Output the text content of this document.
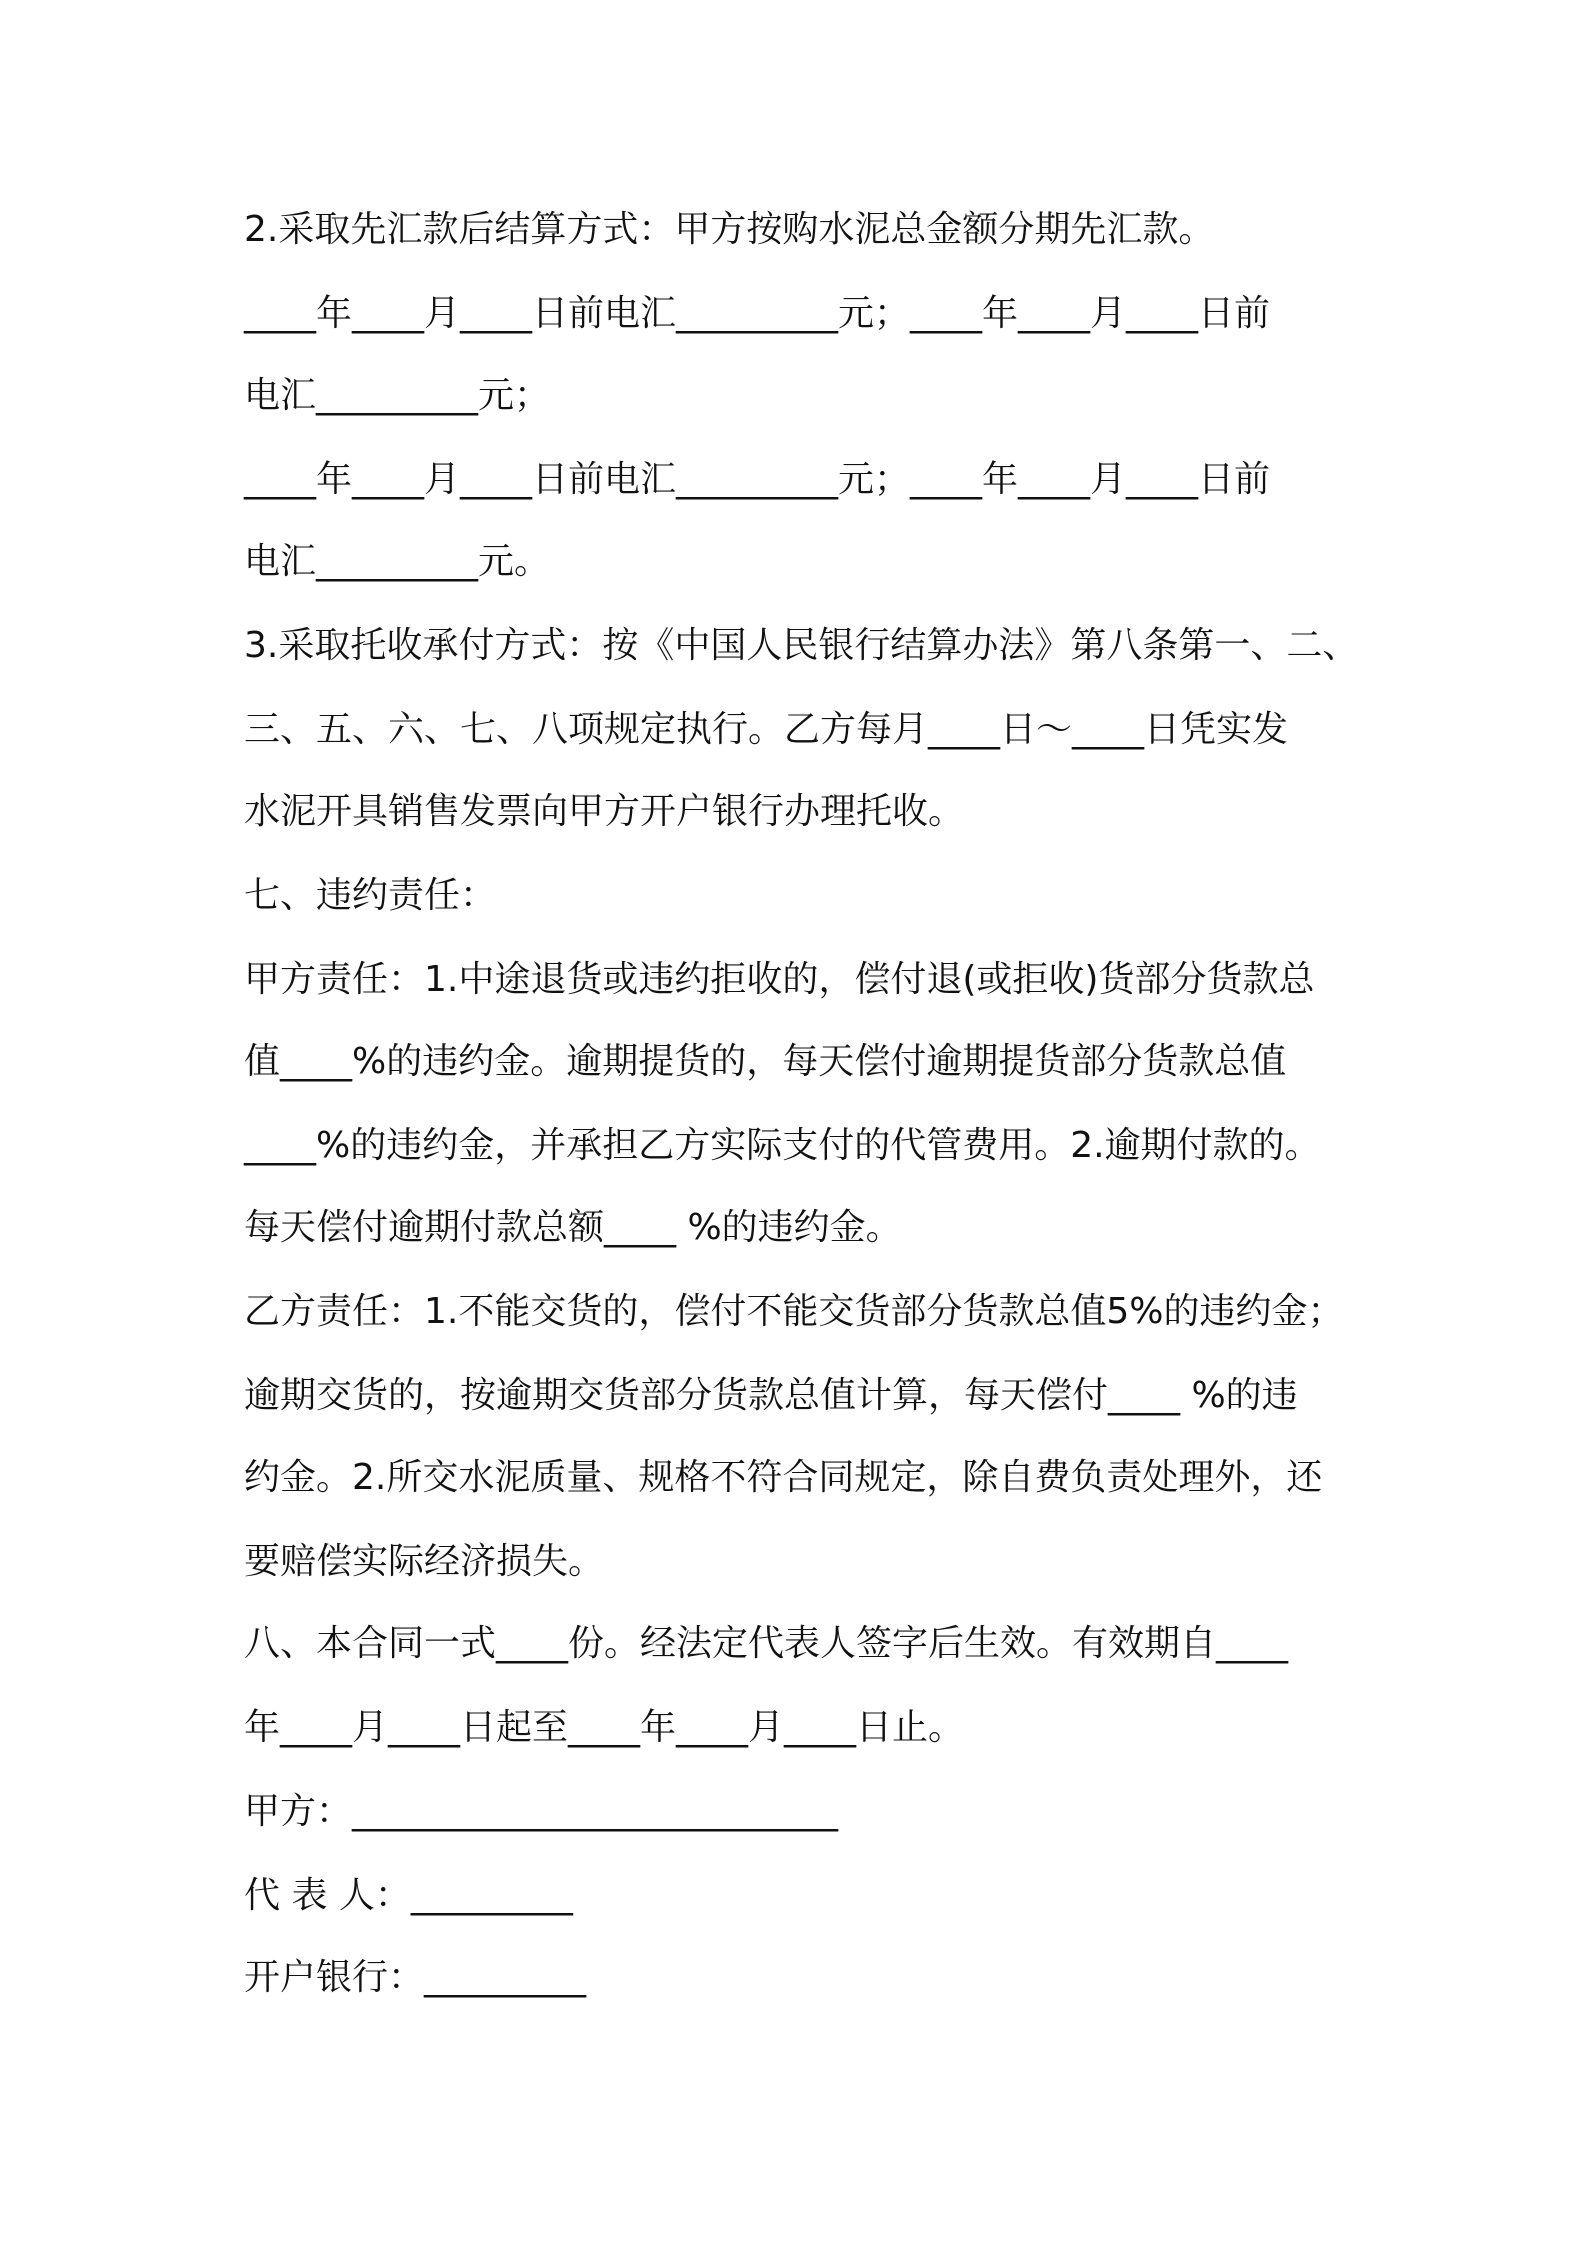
2.采取先汇款后结算方式：甲方按购水泥总金额分期先汇款。
____年____月____日前电汇_________元；____年____月____日前
电汇_________元；
____年____月____日前电汇_________元；____年____月____日前
电汇_________元。
3.采取托收承付方式：按《中国人民银行结算办法》第八条第一、二、
三、五、六、七、八项规定执行。乙方每月____日～____日凭实发
水泥开具销售发票向甲方开户银行办理托收。
七、违约责任：
甲方责任：1.中途退货或违约拒收的，偿付退(或拒收)货部分货款总
值____%的违约金。逾期提货的，每天偿付逾期提货部分货款总值
____%的违约金，并承担乙方实际支付的代管费用。2.逾期付款的。
每天偿付逾期付款总额____ %的违约金。
乙方责任：1.不能交货的，偿付不能交货部分货款总值5%的违约金；
逾期交货的，按逾期交货部分货款总值计算，每天偿付____ %的违
约金。2.所交水泥质量、规格不符合同规定，除自费负责处理外，还
要赔偿实际经济损失。
八、本合同一式____份。经法定代表人签字后生效。有效期自____
年____月____日起至____年____月____日止。
甲方：___________________________
代 表 人：_________
开户银行：_________
